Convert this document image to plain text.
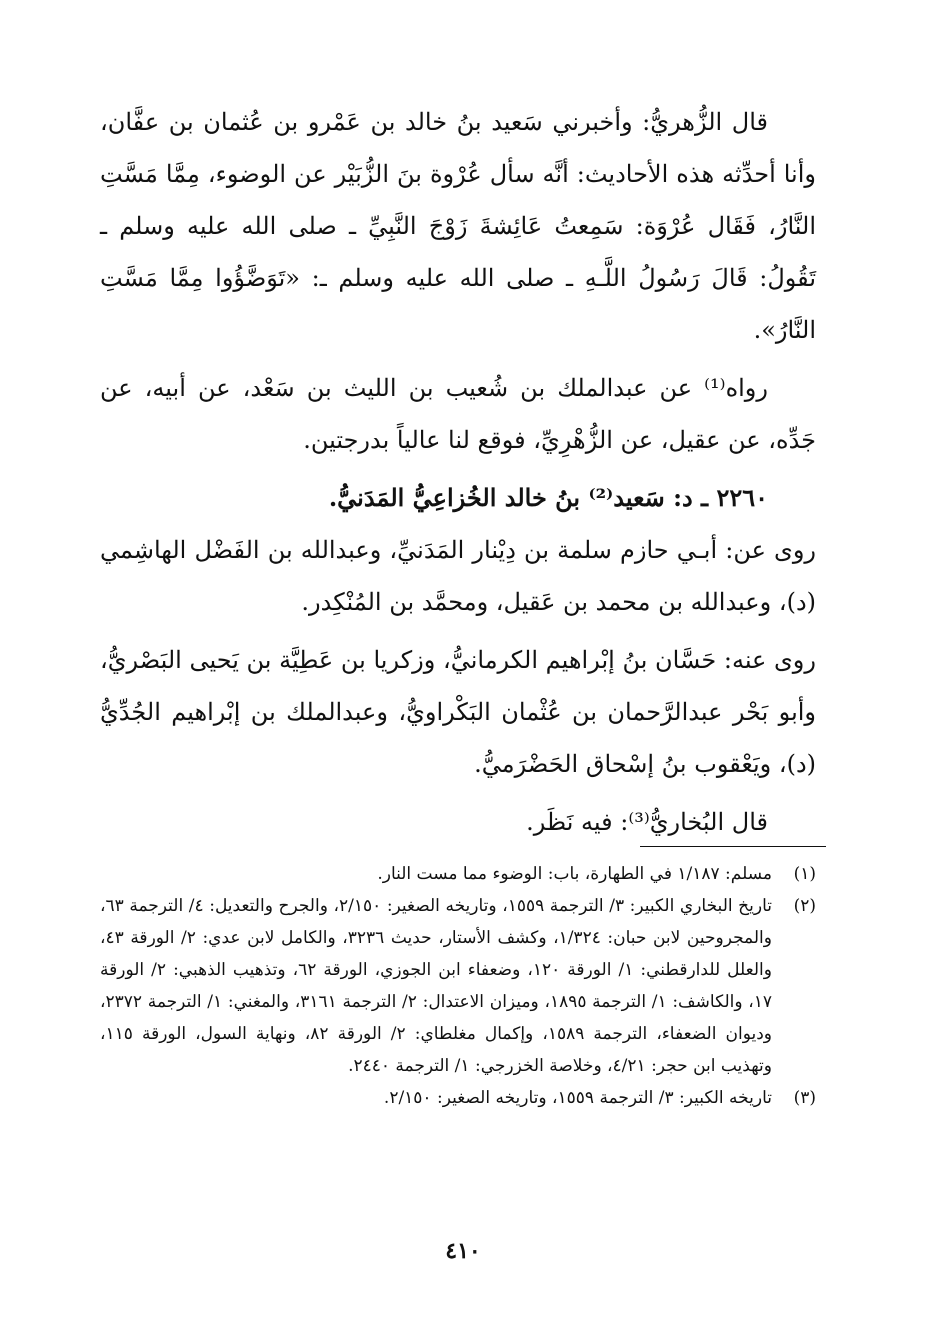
قال الزُّهريُّ: وأخبرني سَعيد بنُ خالد بن عَمْرو بن عُثمان بن عفَّان، وأنا أحدِّثه هذه الأحاديث: أنَّه سأل عُرْوة بنَ الزُّبَيْر عن الوضوء، مِمَّا مَسَّتِ النَّارُ، فَقَال عُرْوَة: سَمِعتُ عَائِشةَ زَوْجَ النَّبِيِّ ـ صلى الله عليه وسلم ـ تَقُولُ: قَالَ رَسُولُ اللَّـهِ ـ صلى الله عليه وسلم ـ: «تَوَضَّؤُوا مِمَّا مَسَّتِ النَّارُ».

رواه⁽¹⁾ عن عبدالملك بن شُعيب بن الليث بن سَعْد، عن أبيه، عن جَدِّه، عن عقيل، عن الزُّهْرِيِّ، فوقع لنا عالياً بدرجتين.

٢٢٦٠ ـ د: سَعيد⁽²⁾ بنُ خالد الخُزاعِيُّ المَدَنيُّ.

روى عن: أبـي حازم سلمة بن دِيْنار المَدَنيِّ، وعبدالله بن الفَضْل الهاشِمي (د)، وعبدالله بن محمد بن عَقيل، ومحمَّد بن المُنْكِدر.

روى عنه: حَسَّان بنُ إبْراهيم الكرمانيُّ، وزكريا بن عَطِيَّة بن يَحيى البَصْريُّ، وأبو بَحْر عبدالرَّحمان بن عُثْمان البَكْراويُّ، وعبدالملك بن إبْراهيم الجُدِّيُّ (د)، ويَعْقوب بنُ إسْحاق الحَضْرَميُّ.

قال البُخاريُّ⁽³⁾: فيه نَظَر.

(١)
مسلم: ١/١٨٧ في الطهارة، باب: الوضوء مما مست النار.
(٢)
تاريخ البخاري الكبير: ٣/ الترجمة ١٥٥٩، وتاريخه الصغير: ٢/١٥٠، والجرح والتعديل: ٤/ الترجمة ٦٣، والمجروحين لابن حبان: ١/٣٢٤، وكشف الأستار، حديث ٣٢٣٦، والكامل لابن عدي: ٢/ الورقة ٤٣، والعلل للدارقطني: ١/ الورقة ١٢٠، وضعفاء ابن الجوزي، الورقة ٦٢، وتذهيب الذهبي: ٢/ الورقة ١٧، والكاشف: ١/ الترجمة ١٨٩٥، وميزان الاعتدال: ٢/ الترجمة ٣١٦١، والمغني: ١/ الترجمة ٢٣٧٢، وديوان الضعفاء، الترجمة ١٥٨٩، وإكمال مغلطاي: ٢/ الورقة ٨٢، ونهاية السول، الورقة ١١٥، وتهذيب ابن حجر: ٤/٢١، وخلاصة الخزرجي: ١/ الترجمة ٢٤٤٠.
(٣)
تاريخه الكبير: ٣/ الترجمة ١٥٥٩، وتاريخه الصغير: ٢/١٥٠.
٤١٠
